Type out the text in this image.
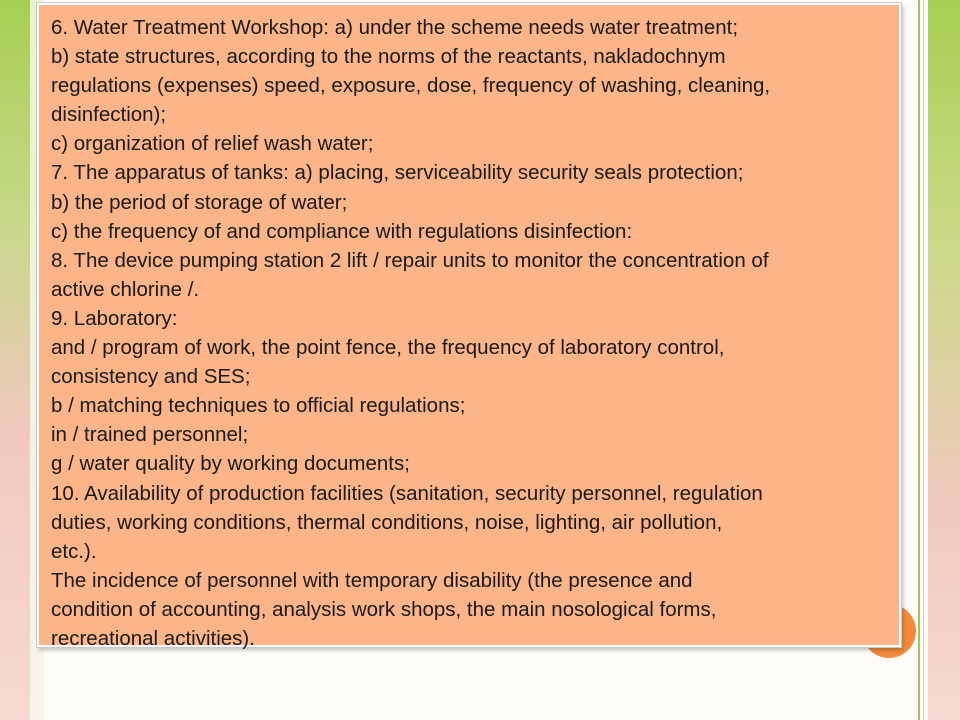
6. Water Treatment Workshop: a) under the scheme needs water treatment;
b) state structures, according to the norms of the reactants, nakladochnym
regulations (expenses) speed, exposure, dose, frequency of washing, cleaning,
disinfection);
c) organization of relief wash water;
7. The apparatus of tanks: a) placing, serviceability security seals protection;
b) the period of storage of water;
c) the frequency of and compliance with regulations disinfection:
8. The device pumping station 2 lift / repair units to monitor the concentration of
active chlorine /.
9. Laboratory:
and / program of work, the point fence, the frequency of laboratory control,
consistency and SES;
b / matching techniques to official regulations;
in / trained personnel;
g / water quality by working documents;
10. Availability of production facilities (sanitation, security personnel, regulation
duties, working conditions, thermal conditions, noise, lighting, air pollution,
etc.).
The incidence of personnel with temporary disability (the presence and
condition of accounting, analysis work shops, the main nosological forms,
recreational activities).
